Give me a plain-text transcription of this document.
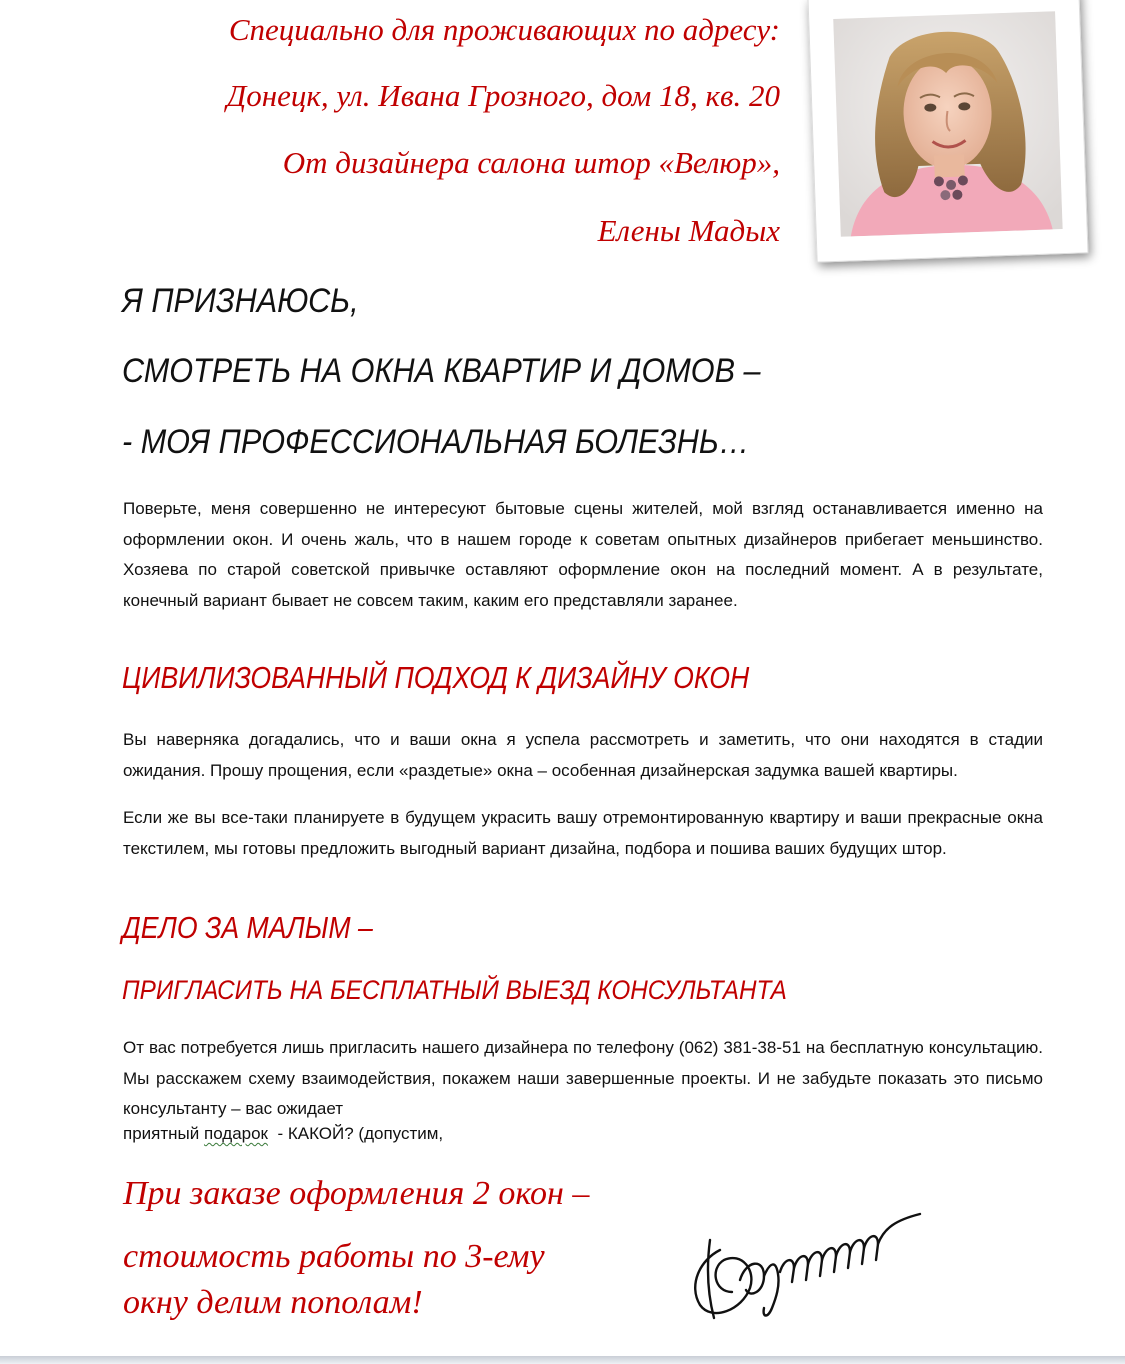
Специально для проживающих по адресу:
Донецк, ул. Ивана Грозного, дом 18, кв. 20
От дизайнера салона штор «Велюр»,
Елены Мадых
Я ПРИЗНАЮСЬ,
СМОТРЕТЬ НА ОКНА КВАРТИР И ДОМОВ –
- МОЯ ПРОФЕССИОНАЛЬНАЯ БОЛЕЗНЬ…
Поверьте, меня совершенно не интересуют бытовые сцены жителей, мой взгляд останавливается именно на оформлении окон. И очень жаль, что в нашем городе к советам опытных дизайнеров прибегает меньшинство. Хозяева по старой советской привычке оставляют оформление окон на последний момент. А в результате, конечный вариант бывает не совсем таким, каким его представляли заранее.
ЦИВИЛИЗОВАННЫЙ ПОДХОД К ДИЗАЙНУ ОКОН
Вы наверняка догадались, что и ваши окна я успела рассмотреть и заметить, что они находятся в стадии ожидания. Прошу прощения, если «раздетые» окна – особенная дизайнерская задумка вашей квартиры.
Если же вы все-таки планируете в будущем украсить вашу отремонтированную квартиру и ваши прекрасные окна текстилем, мы готовы предложить выгодный вариант дизайна, подбора и пошива ваших будущих штор.
ДЕЛО ЗА МАЛЫМ –
ПРИГЛАСИТЬ НА БЕСПЛАТНЫЙ ВЫЕЗД КОНСУЛЬТАНТА
От вас потребуется лишь пригласить нашего дизайнера по телефону (062) 381-38-51 на бесплатную консультацию. Мы расскажем схему взаимодействия, покажем наши завершенные проекты. И не забудьте показать это письмо консультанту – вас ожидает
приятный подарок  - КАКОЙ? (допустим,
При заказе оформления 2 окон –
стоимость работы по 3-ему
окну делим пополам!
